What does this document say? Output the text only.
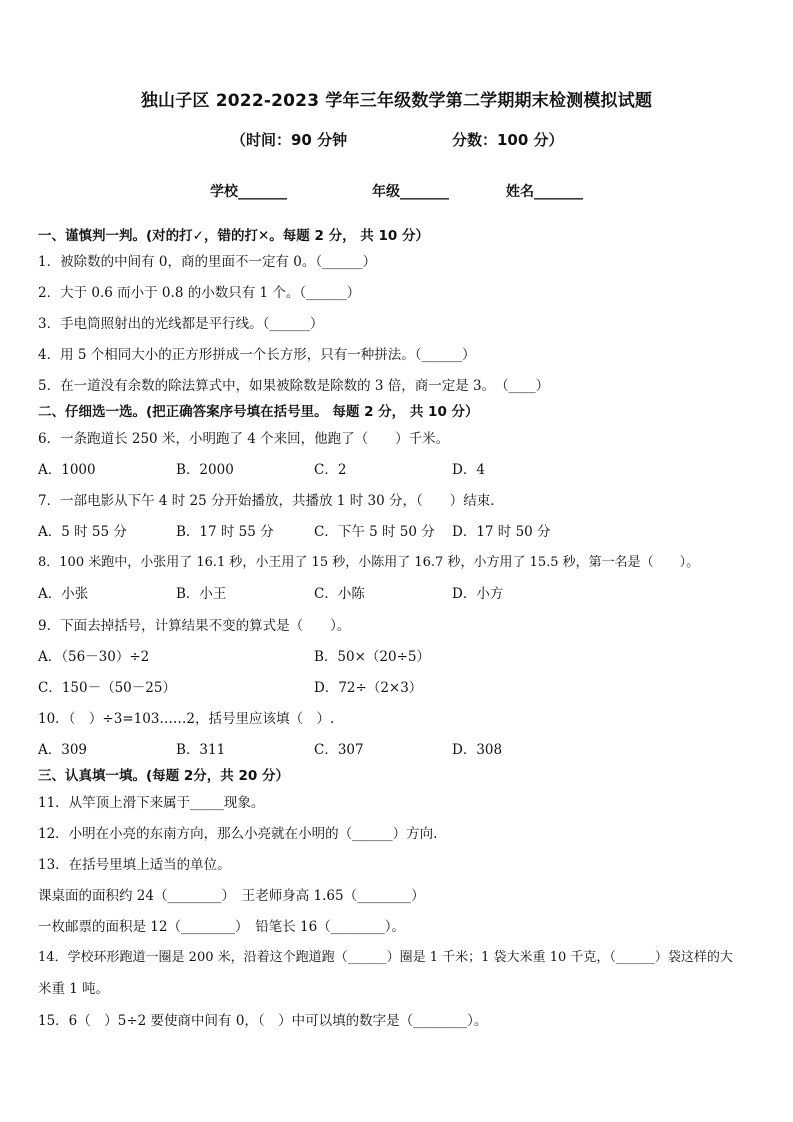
独山子区 2022-2023 学年三年级数学第二学期期末检测模拟试题
（时间：90 分钟	分数：100 分）
学校_______	年级_______	姓名_______
一、谨慎判一判。(对的打✓，错的打✕。每题 2 分， 共 10 分）
1．被除数的中间有 0，商的里面不一定有 0。（______）
2．大于 0.6 而小于 0.8 的小数只有 1 个。（______）
3．手电筒照射出的光线都是平行线。（______）
4．用 5 个相同大小的正方形拼成一个长方形，只有一种拼法。（______）
5．在一道没有余数的除法算式中，如果被除数是除数的 3 倍，商一定是 3。　（____）
二、仔细选一选。(把正确答案序号填在括号里。 每题 2 分， 共 10 分）
6．一条跑道长 250 米，小明跑了 4 个来回，他跑了（　　）千米。
A．1000	B．2000	C．2	D．4
7．一部电影从下午 4 时 25 分开始播放，共播放 1 时 30 分，（　　）结束．
A．5 时 55 分	B．17 时 55 分	C．下午 5 时 50 分 D．17 时 50 分
8．100 米跑中，小张用了 16.1 秒，小王用了 15 秒，小陈用了 16.7 秒，小方用了 15.5 秒，第一名是（　　）。
A．小张	B．小王	C．小陈	D．小方
9．下面去掉括号，计算结果不变的算式是（　　）。
A．（56－30）÷2	B．50×（20÷5）
C．150－（50－25）	D．72÷（2×3）
10．（　）÷3=103……2，括号里应该填（　）.
A．309	B．311	C．307	D．308
三、认真填一填。(每题 2分，共 20 分）
11．从竿顶上滑下来属于_____现象。
12．小明在小亮的东南方向，那么小亮就在小明的（______）方向.
13．在括号里填上适当的单位。
课桌面的面积约 24（________）　王老师身高 1.65（________）
一枚邮票的面积是 12（________）　铅笔长 16（________）。
14．学校环形跑道一圈是 200 米，沿着这个跑道跑（______）圈是 1 千米；1 袋大米重 10 千克，（______）袋这样的大
米重 1 吨。
15．6（　）5÷2 要使商中间有 0，（　）中可以填的数字是（________）。
